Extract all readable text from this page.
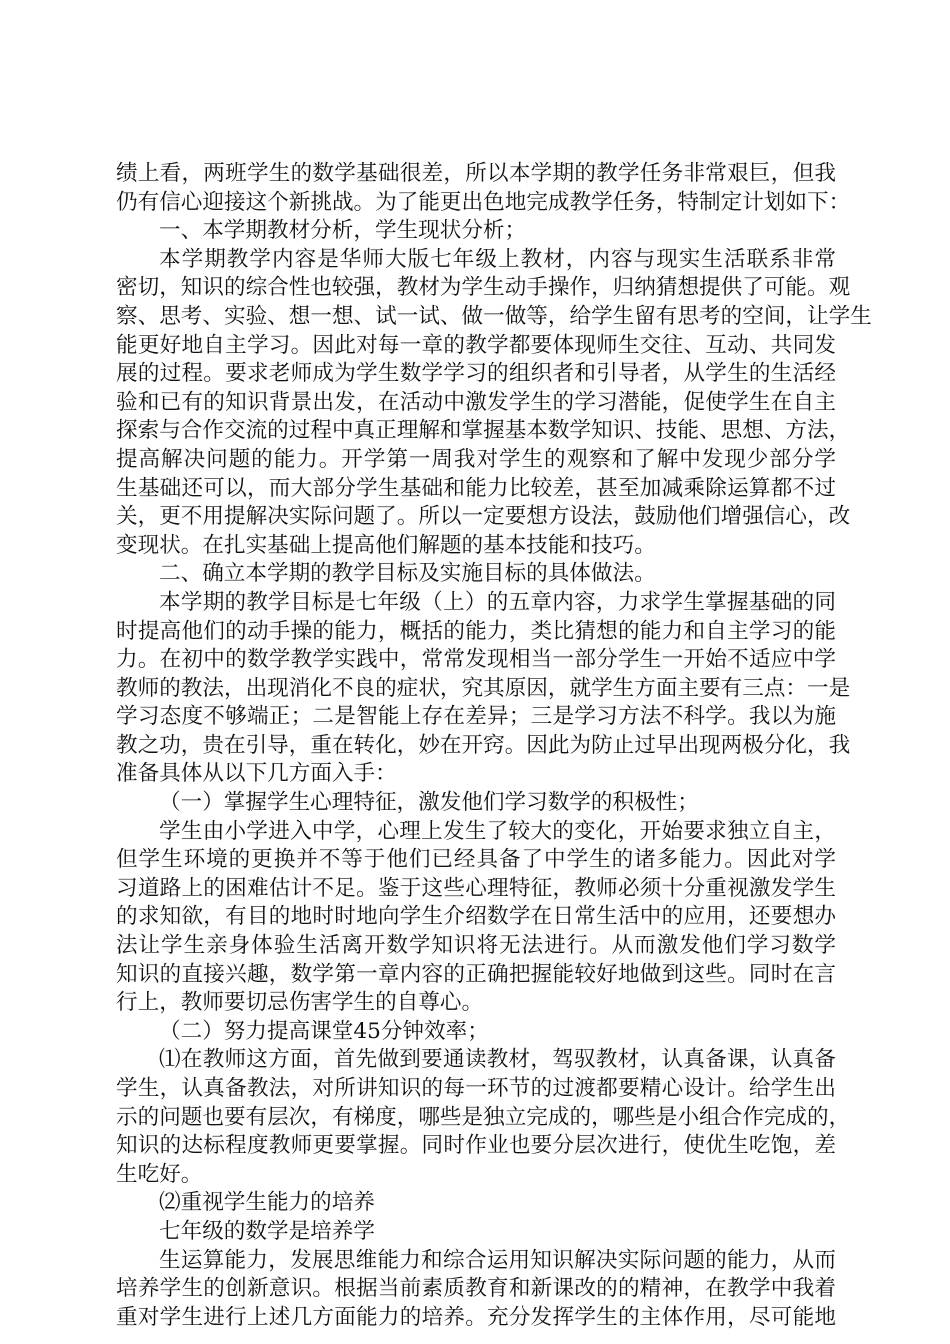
绩上看，两班学生的数学基础很差，所以本学期的教学任务非常艰巨，但我
仍有信心迎接这个新挑战。为了能更出色地完成教学任务，特制定计划如下：
一、本学期教材分析，学生现状分析；
本学期教学内容是华师大版七年级上教材，内容与现实生活联系非常
密切，知识的综合性也较强，教材为学生动手操作，归纳猜想提供了可能。观
察、思考、实验、想一想、试一试、做一做等，给学生留有思考的空间，让学生
能更好地自主学习。因此对每一章的教学都要体现师生交往、互动、共同发
展的过程。要求老师成为学生数学学习的组织者和引导者，从学生的生活经
验和已有的知识背景出发，在活动中激发学生的学习潜能，促使学生在自主
探索与合作交流的过程中真正理解和掌握基本数学知识、技能、思想、方法，
提高解决问题的能力。开学第一周我对学生的观察和了解中发现少部分学
生基础还可以，而大部分学生基础和能力比较差，甚至加减乘除运算都不过
关，更不用提解决实际问题了。所以一定要想方设法，鼓励他们增强信心，改
变现状。在扎实基础上提高他们解题的基本技能和技巧。
二、确立本学期的教学目标及实施目标的具体做法。
本学期的教学目标是七年级（上）的五章内容，力求学生掌握基础的同
时提高他们的动手操的能力，概括的能力，类比猜想的能力和自主学习的能
力。在初中的数学教学实践中，常常发现相当一部分学生一开始不适应中学
教师的教法，出现消化不良的症状，究其原因，就学生方面主要有三点：一是
学习态度不够端正；二是智能上存在差异；三是学习方法不科学。我以为施
教之功，贵在引导，重在转化，妙在开窍。因此为防止过早出现两极分化，我
准备具体从以下几方面入手：
（一）掌握学生心理特征，激发他们学习数学的积极性；
学生由小学进入中学，心理上发生了较大的变化，开始要求独立自主，
但学生环境的更换并不等于他们已经具备了中学生的诸多能力。因此对学
习道路上的困难估计不足。鉴于这些心理特征，教师必须十分重视激发学生
的求知欲，有目的地时时地向学生介绍数学在日常生活中的应用，还要想办
法让学生亲身体验生活离开数学知识将无法进行。从而激发他们学习数学
知识的直接兴趣，数学第一章内容的正确把握能较好地做到这些。同时在言
行上，教师要切忌伤害学生的自尊心。
（二）努力提高课堂45分钟效率；
⑴在教师这方面，首先做到要通读教材，驾驭教材，认真备课，认真备
学生，认真备教法，对所讲知识的每一环节的过渡都要精心设计。给学生出
示的问题也要有层次，有梯度，哪些是独立完成的，哪些是小组合作完成的，
知识的达标程度教师更要掌握。同时作业也要分层次进行，使优生吃饱，差
生吃好。
⑵重视学生能力的培养
七年级的数学是培养学
生运算能力，发展思维能力和综合运用知识解决实际问题的能力，从而
培养学生的创新意识。根据当前素质教育和新课改的的精神，在教学中我着
重对学生进行上述几方面能力的培养。充分发挥学生的主体作用，尽可能地
